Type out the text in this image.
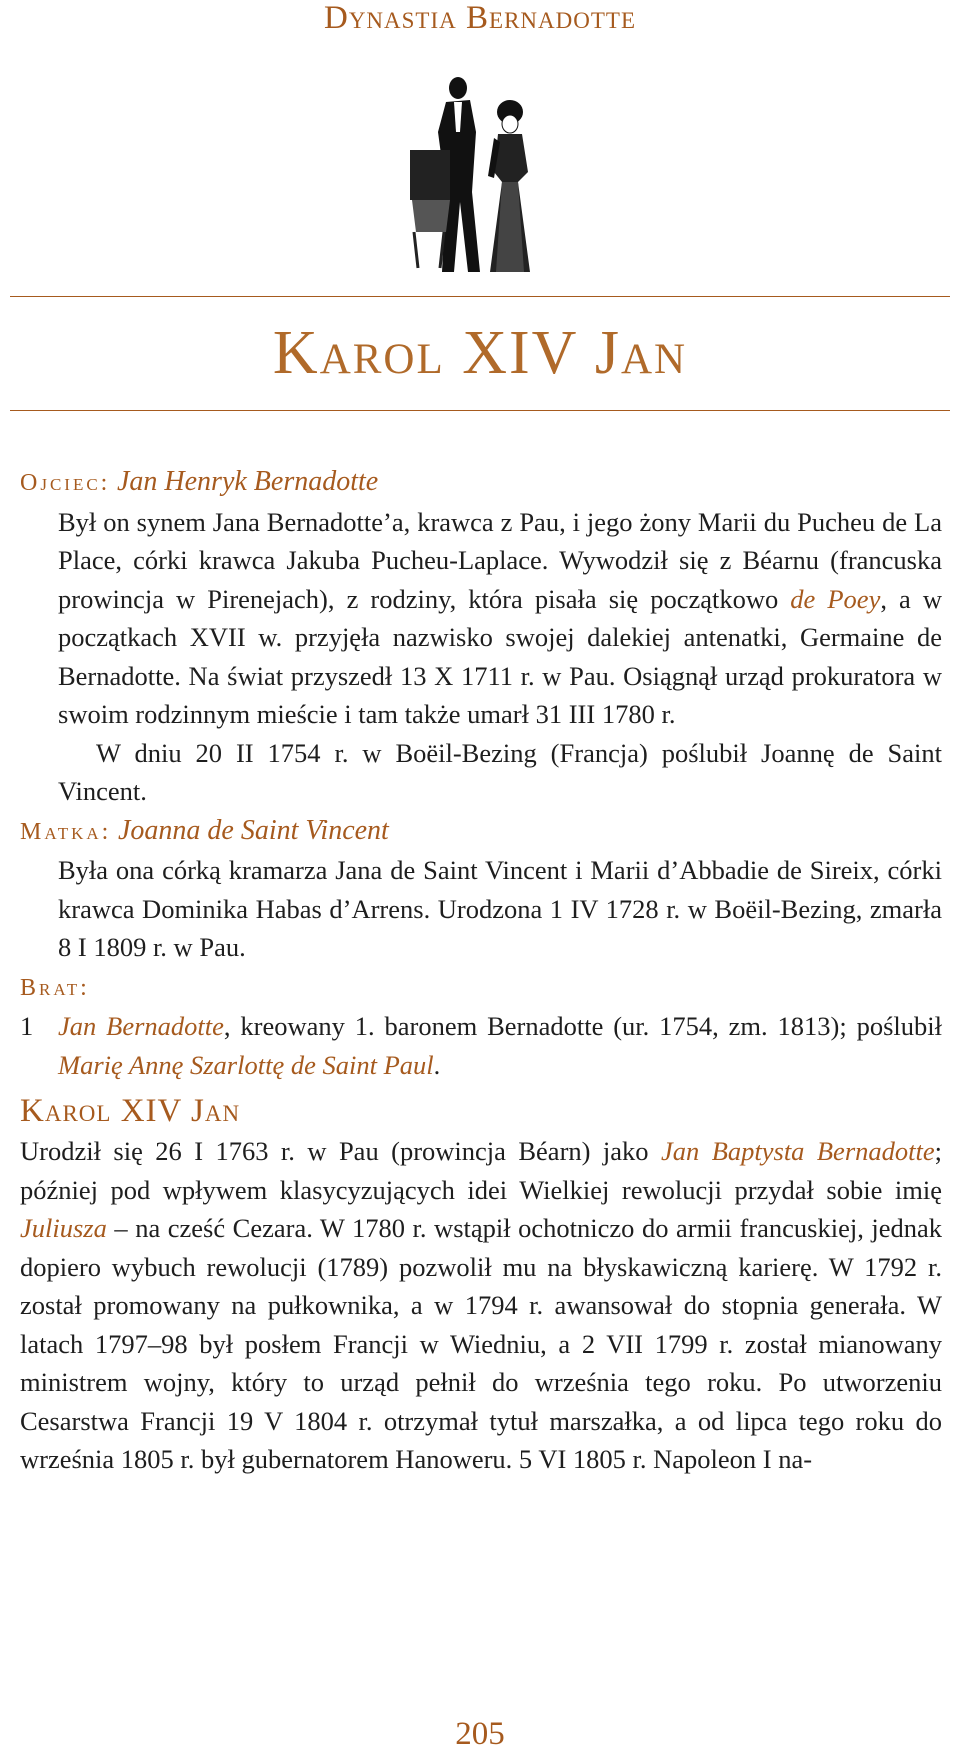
Dynastia Bernadotte
Karol XIV Jan
Ojciec: Jan Henryk Bernadotte

Był on synem Jana Bernadotte’a, krawca z Pau, i jego żony Marii du Pucheu de La Place, córki krawca Jakuba Pucheu-Laplace. Wywodził się z Béarnu (francuska prowincja w Pirenejach), z rodziny, która pisała się początkowo de Poey, a w początkach XVII w. przyjęła nazwisko swojej dalekiej antenatki, Germaine de Bernadotte. Na świat przyszedł 13 X 1711 r. w Pau. Osiągnął urząd prokuratora w swoim rodzinnym mieście i tam także umarł 31 III 1780 r.

W dniu 20 II 1754 r. w Boëil-Bezing (Francja) poślubił Joannę de Saint Vincent.

Matka: Joanna de Saint Vincent

Była ona córką kramarza Jana de Saint Vincent i Marii d’Abbadie de Sireix, córki krawca Dominika Habas d’Arrens. Urodzona 1 IV 1728 r. w Boëil-Bezing, zmarła 8 I 1809 r. w Pau.

Brat:

1 Jan Bernadotte, kreowany 1. baronem Bernadotte (ur. 1754, zm. 1813); poślubił Marię Annę Szarlottę de Saint Paul.

Karol XIV Jan

Urodził się 26 I 1763 r. w Pau (prowincja Béarn) jako Jan Baptysta Bernadotte; później pod wpływem klasycyzujących idei Wielkiej rewolucji przydał sobie imię Juliusza – na cześć Cezara. W 1780 r. wstąpił ochotniczo do armii francuskiej, jednak dopiero wybuch rewolucji (1789) pozwolił mu na błyskawiczną karierę. W 1792 r. został promowany na pułkownika, a w 1794 r. awansował do stopnia generała. W latach 1797–98 był posłem Francji w Wiedniu, a 2 VII 1799 r. został mianowany ministrem wojny, który to urząd pełnił do września tego roku. Po utworzeniu Cesarstwa Francji 19 V 1804 r. otrzymał tytuł marszałka, a od lipca tego roku do września 1805 r. był gubernatorem Hanoweru. 5 VI 1805 r. Napoleon I na-

205
